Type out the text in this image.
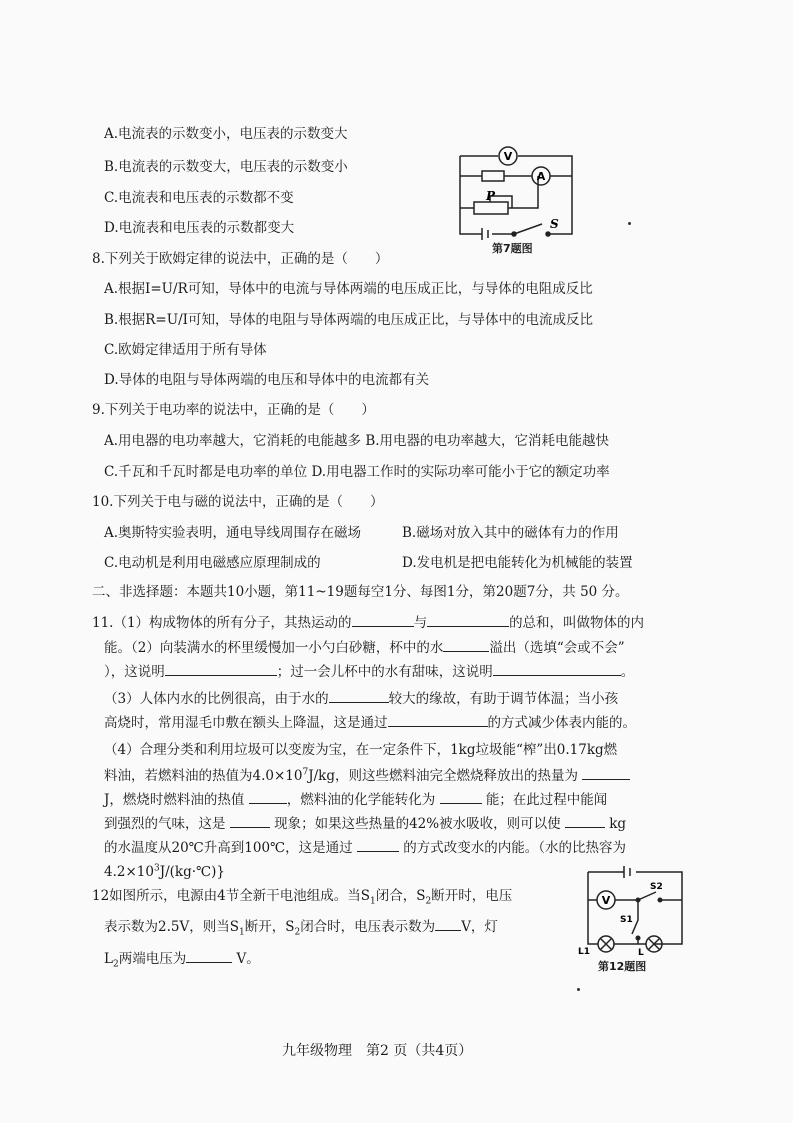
A.电流表的示数变小，电压表的示数变大
B.电流表的示数变大，电压表的示数变小
C.电流表和电压表的示数都不变
D.电流表和电压表的示数都变大
V
A
P
S
第7题图
8.下列关于欧姆定律的说法中，正确的是（　　）
A.根据I=U/R可知，导体中的电流与导体两端的电压成正比，与导体的电阻成反比
B.根据R=U/I可知，导体的电阻与导体两端的电压成正比，与导体中的电流成反比
C.欧姆定律适用于所有导体
D.导体的电阻与导体两端的电压和导体中的电流都有关
9.下列关于电功率的说法中，正确的是（　　）
A.用电器的电功率越大，它消耗的电能越多 B.用电器的电功率越大，它消耗电能越快
C.千瓦和千瓦时都是电功率的单位 D.用电器工作时的实际功率可能小于它的额定功率
10.下列关于电与磁的说法中，正确的是（　　）
A.奥斯特实验表明，通电导线周围存在磁场	B.磁场对放入其中的磁体有力的作用
C.电动机是利用电磁感应原理制成的	D.发电机是把电能转化为机械能的装置
二、非选择题：本题共10小题，第11~19题每空1分、每图1分，第20题7分，共 50 分。
11.（1）构成物体的所有分子，其热运动的	与	的总和，叫做物体的内
能。（2）向装满水的杯里缓慢加一小勺白砂糖，杯中的水	溢出（选填“会或不会”
），这说明	；过一会儿杯中的水有甜味，这说明	。
（3）人体内水的比例很高，由于水的	较大的缘故，有助于调节体温；当小孩
高烧时，常用湿毛巾敷在额头上降温，这是通过	的方式减少体表内能的。
（4）合理分类和利用垃圾可以变废为宝，在一定条件下，1kg垃圾能“榨”出0.17kg燃
料油，若燃料油的热值为$4.0\times 10^7J/kg$，则这些燃料油完全燃烧释放出的热量为
J，燃烧时燃料油的热值	，燃料油的化学能转化为	能；在此过程中能闻
到强烈的气味，这是	现象；如果这些热量的42%被水吸收，则可以使	kg
的水温度从20℃升高到100℃，这是通过	的方式改变水的内能。（水的比热容为
$4.2\times 10^3J/(kg\cdot℃)$}
12如图所示，电源由4节全新干电池组成。当$S_1$闭合，$S_2$断开时，电压
表示数为2.5V，则当$S_1$断开，$S_2$闭合时，电压表示数为 V，灯
$L_2$两端电压为	V。
V
S2
S1
L1	L
第12题图
九年级物理　第2 页（共4页）
